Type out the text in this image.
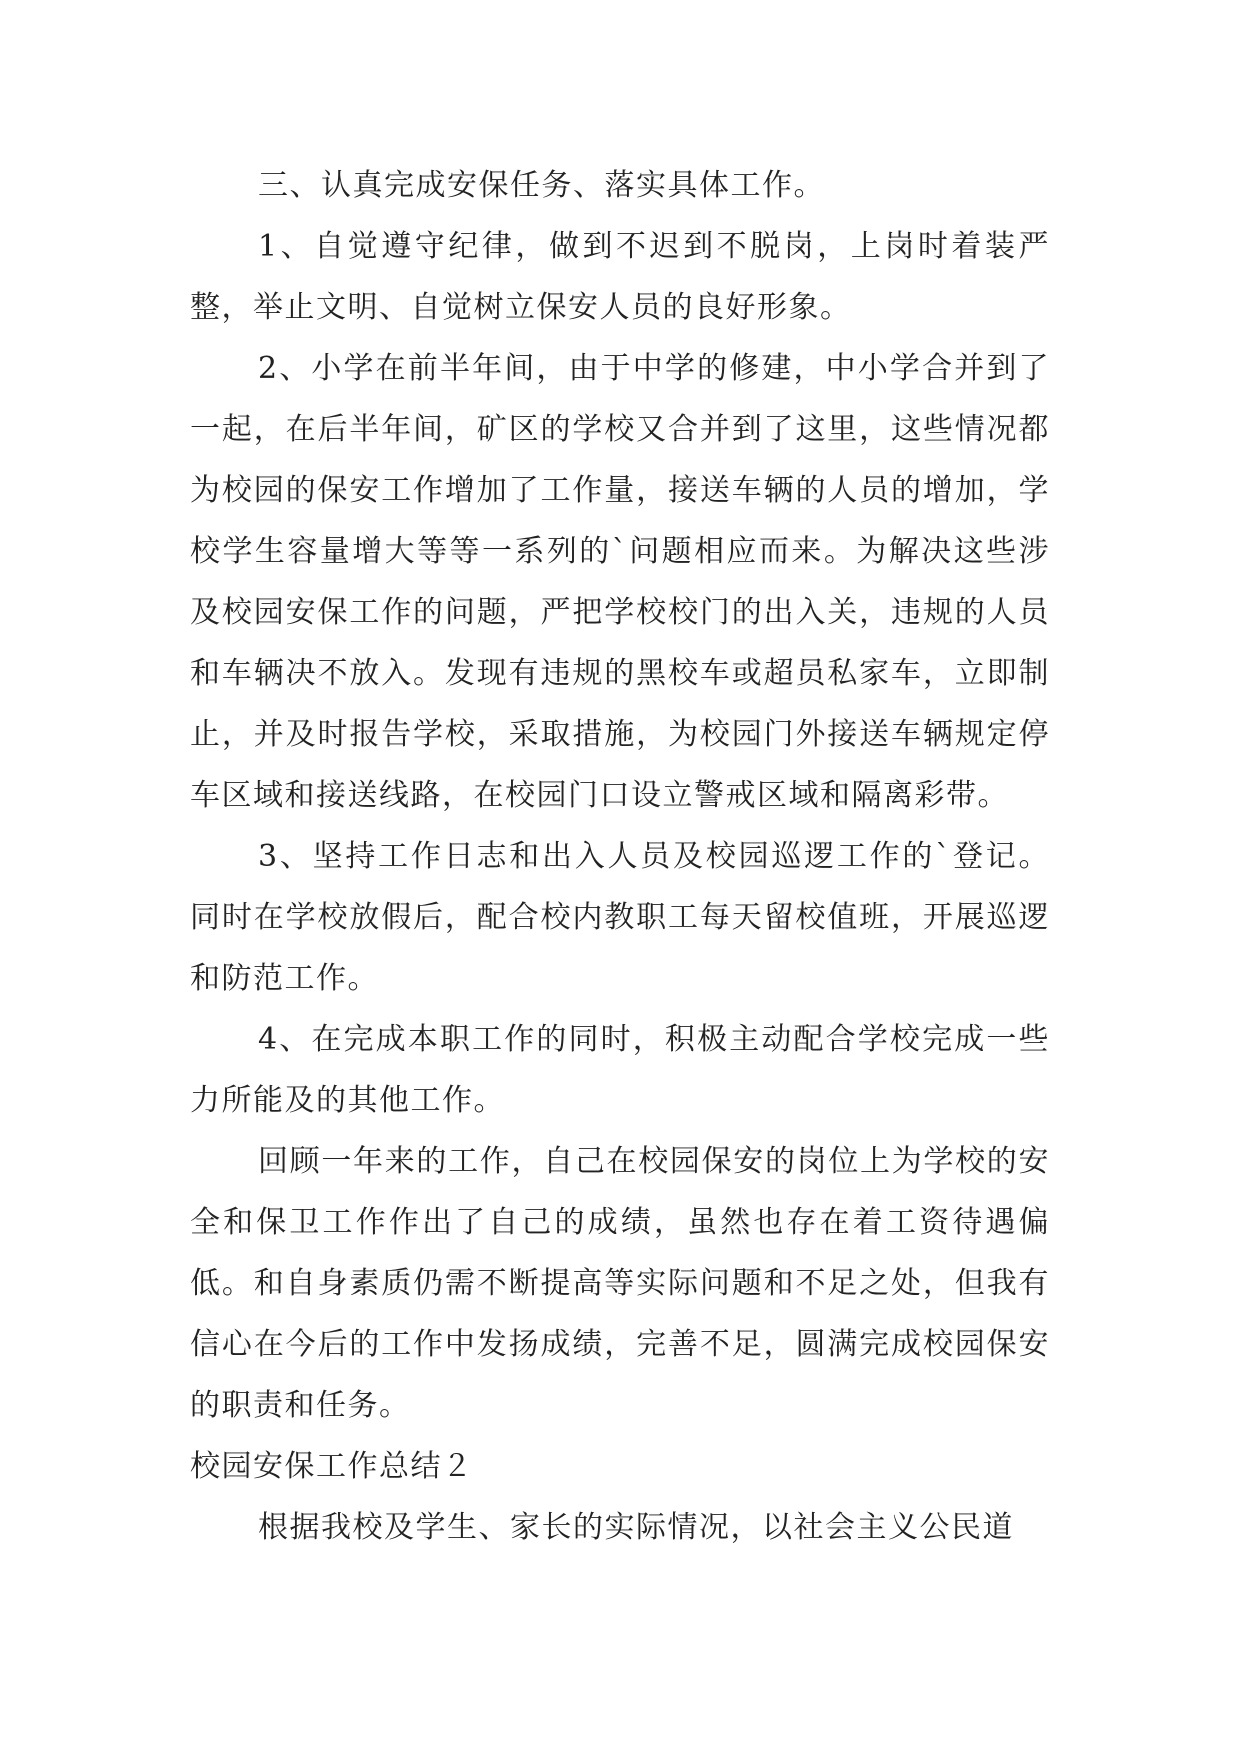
三、认真完成安保任务、落实具体工作。

1、自觉遵守纪律，做到不迟到不脱岗，上岗时着装严整，举止文明、自觉树立保安人员的良好形象。

2、小学在前半年间，由于中学的修建，中小学合并到了一起，在后半年间，矿区的学校又合并到了这里，这些情况都为校园的保安工作增加了工作量，接送车辆的人员的增加，学校学生容量增大等等一系列的`问题相应而来。为解决这些涉及校园安保工作的问题，严把学校校门的出入关，违规的人员和车辆决不放入。发现有违规的黑校车或超员私家车，立即制止，并及时报告学校，采取措施，为校园门外接送车辆规定停车区域和接送线路，在校园门口设立警戒区域和隔离彩带。

3、坚持工作日志和出入人员及校园巡逻工作的`登记。同时在学校放假后，配合校内教职工每天留校值班，开展巡逻和防范工作。

4、在完成本职工作的同时，积极主动配合学校完成一些力所能及的其他工作。

回顾一年来的工作，自己在校园保安的岗位上为学校的安全和保卫工作作出了自己的成绩，虽然也存在着工资待遇偏低。和自身素质仍需不断提高等实际问题和不足之处，但我有信心在今后的工作中发扬成绩，完善不足，圆满完成校园保安的职责和任务。

校园安保工作总结２

根据我校及学生、家长的实际情况，以社会主义公民道
